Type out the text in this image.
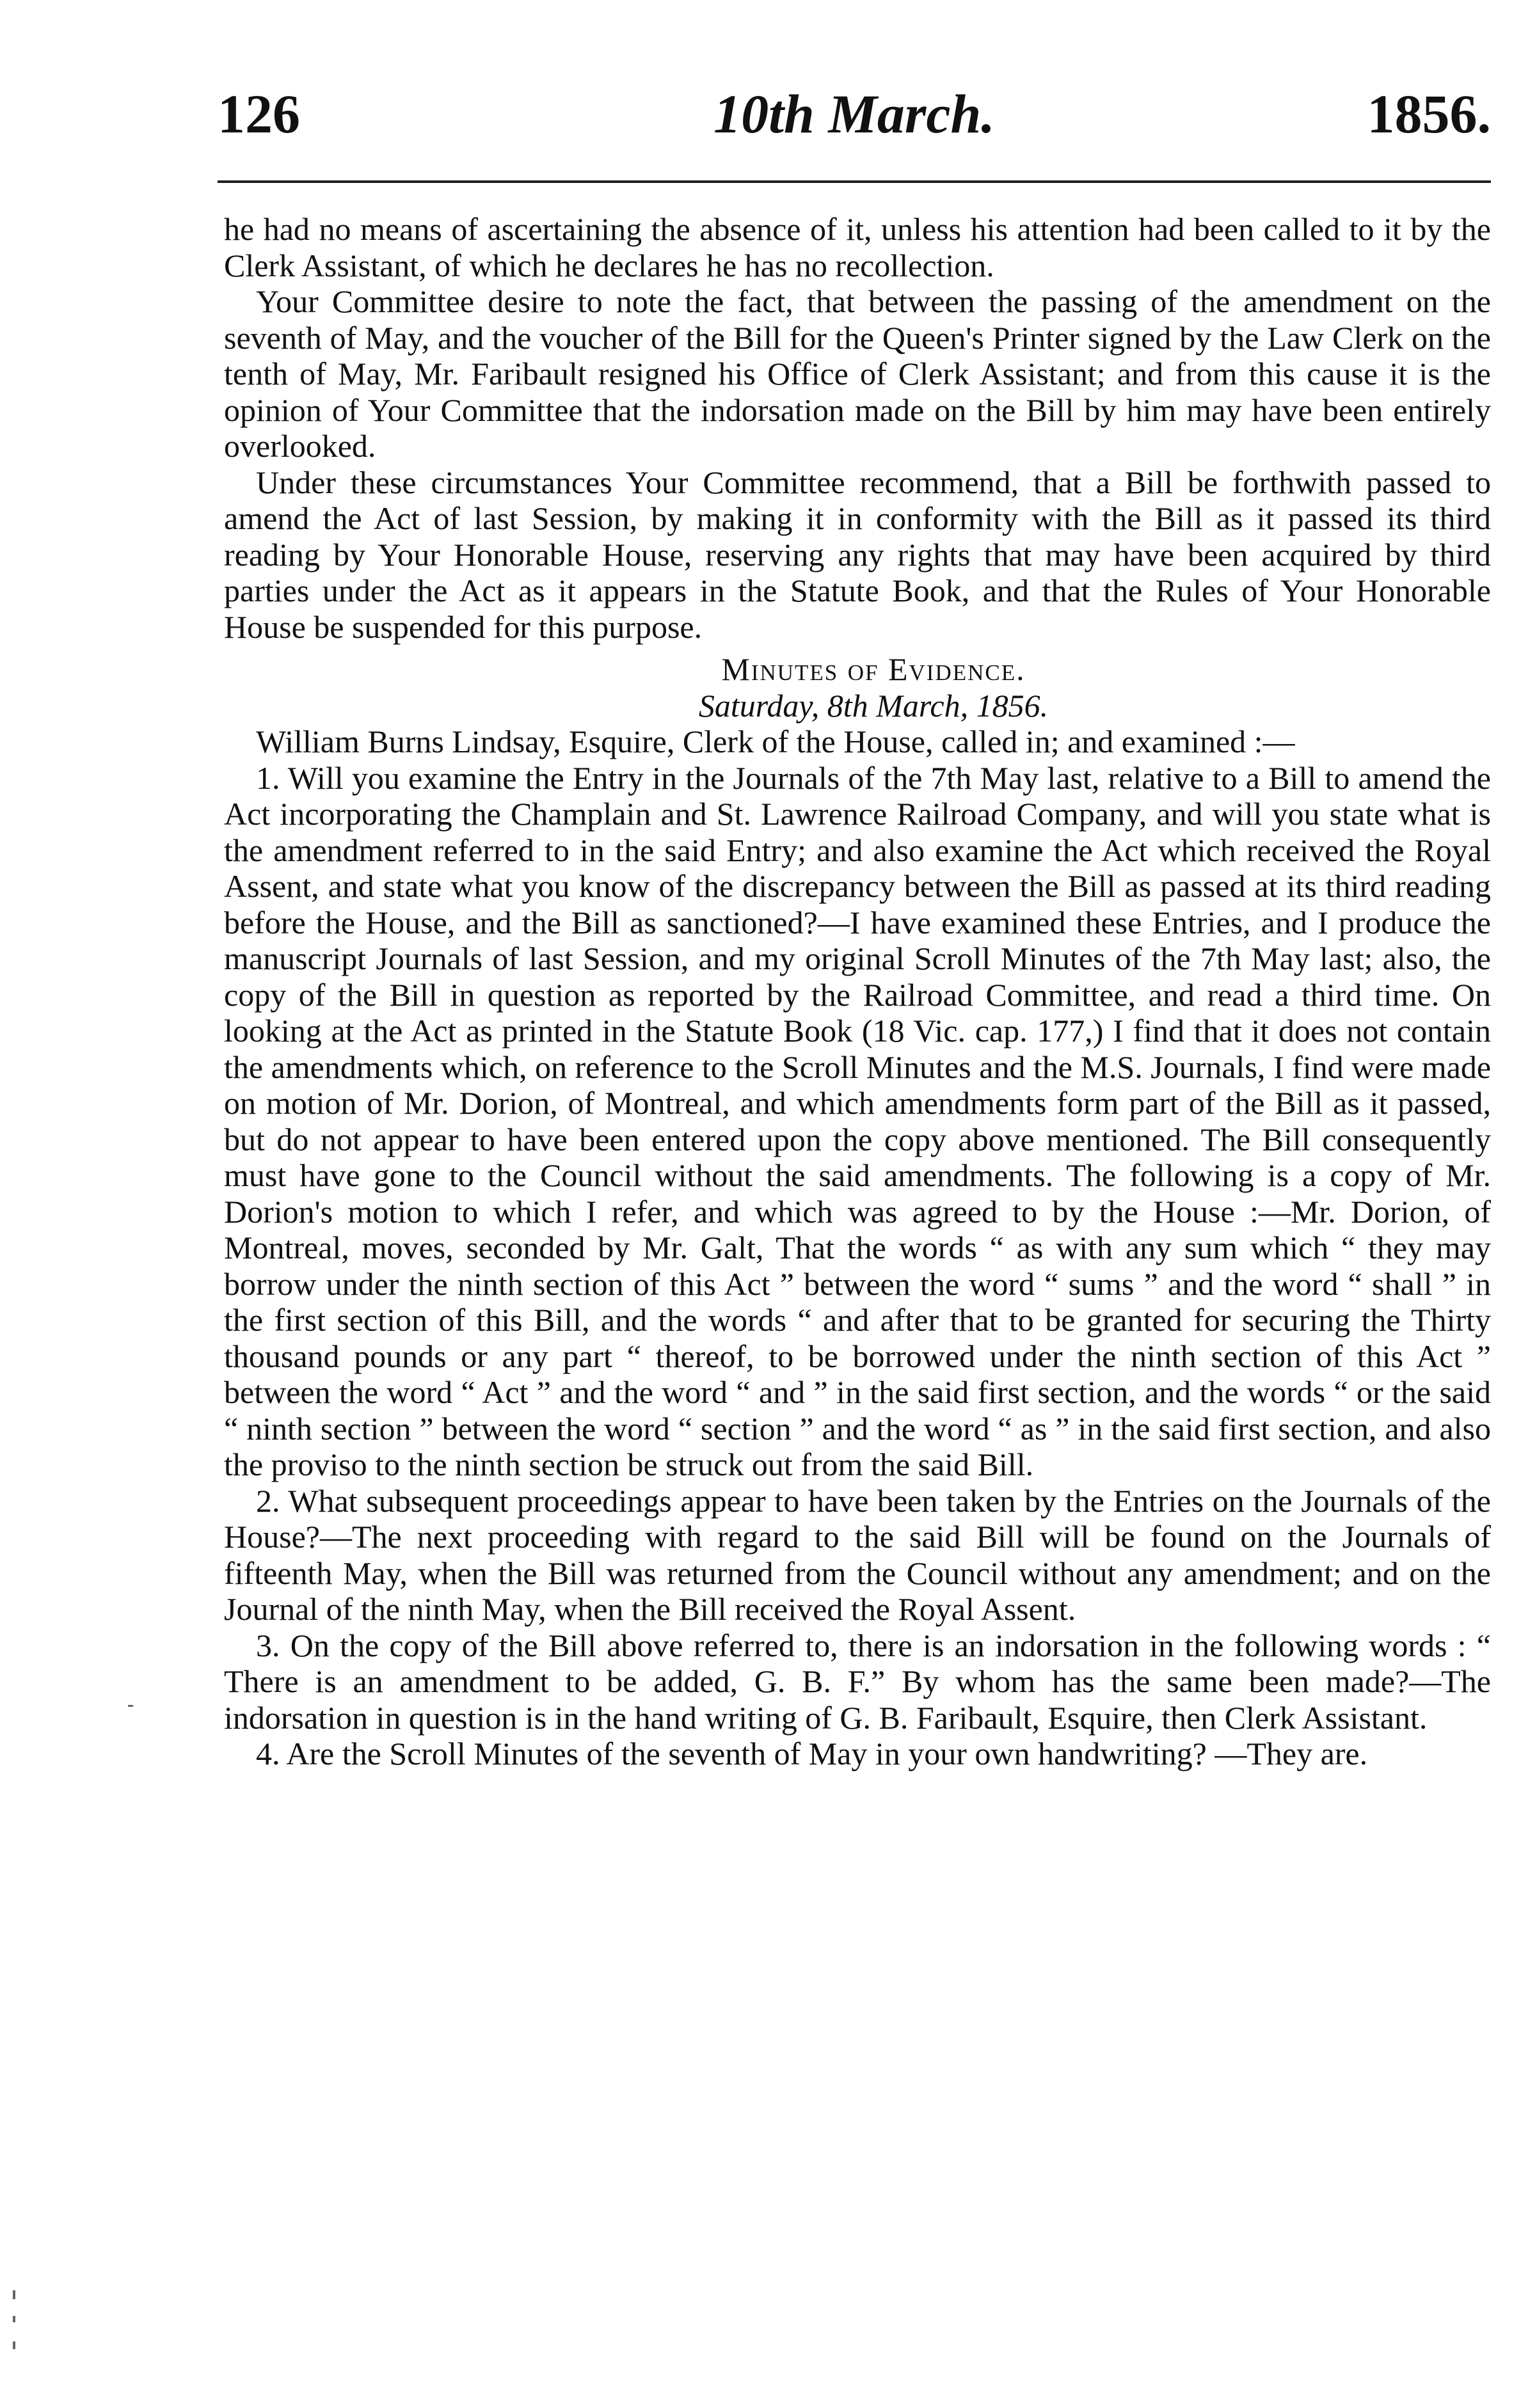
126	10th March.	1856.

he had no means of ascertaining the absence of it, unless his attention had been called to it by the Clerk Assistant, of which he declares he has no recollection.

Your Committee desire to note the fact, that between the passing of the amendment on the seventh of May, and the voucher of the Bill for the Queen's Printer signed by the Law Clerk on the tenth of May, Mr. Faribault resigned his Office of Clerk Assistant; and from this cause it is the opinion of Your Committee that the indorsation made on the Bill by him may have been entirely overlooked.

Under these circumstances Your Committee recommend, that a Bill be forthwith passed to amend the Act of last Session, by making it in conformity with the Bill as it passed its third reading by Your Honorable House, reserving any rights that may have been acquired by third parties under the Act as it appears in the Statute Book, and that the Rules of Your Honorable House be suspended for this purpose.

Minutes of Evidence.

Saturday, 8th March, 1856.

William Burns Lindsay, Esquire, Clerk of the House, called in; and examined :—

1. Will you examine the Entry in the Journals of the 7th May last, relative to a Bill to amend the Act incorporating the Champlain and St. Lawrence Railroad Company, and will you state what is the amendment referred to in the said Entry; and also examine the Act which received the Royal Assent, and state what you know of the discrepancy between the Bill as passed at its third reading before the House, and the Bill as sanctioned?—I have examined these Entries, and I produce the manuscript Journals of last Session, and my original Scroll Minutes of the 7th May last; also, the copy of the Bill in question as reported by the Railroad Committee, and read a third time. On looking at the Act as printed in the Statute Book (18 Vic. cap. 177,) I find that it does not contain the amendments which, on reference to the Scroll Minutes and the M.S. Journals, I find were made on motion of Mr. Dorion, of Montreal, and which amendments form part of the Bill as it passed, but do not appear to have been entered upon the copy above mentioned. The Bill consequently must have gone to the Council without the said amendments. The following is a copy of Mr. Dorion's motion to which I refer, and which was agreed to by the House :—Mr. Dorion, of Montreal, moves, seconded by Mr. Galt, That the words “ as with any sum which “ they may borrow under the ninth section of this Act ” between the word “ sums ” and the word “ shall ” in the first section of this Bill, and the words “ and after that to be granted for securing the Thirty thousand pounds or any part “ thereof, to be borrowed under the ninth section of this Act ” between the word “ Act ” and the word “ and ” in the said first section, and the words “ or the said “ ninth section ” between the word “ section ” and the word “ as ” in the said first section, and also the proviso to the ninth section be struck out from the said Bill.

2. What subsequent proceedings appear to have been taken by the Entries on the Journals of the House?—The next proceeding with regard to the said Bill will be found on the Journals of fifteenth May, when the Bill was returned from the Council without any amendment; and on the Journal of the ninth May, when the Bill received the Royal Assent.

3. On the copy of the Bill above referred to, there is an indorsation in the following words : “ There is an amendment to be added, G. B. F.” By whom has the same been made?—The indorsation in question is in the hand writing of G. B. Faribault, Esquire, then Clerk Assistant.

4. Are the Scroll Minutes of the seventh of May in your own handwriting? —They are.
